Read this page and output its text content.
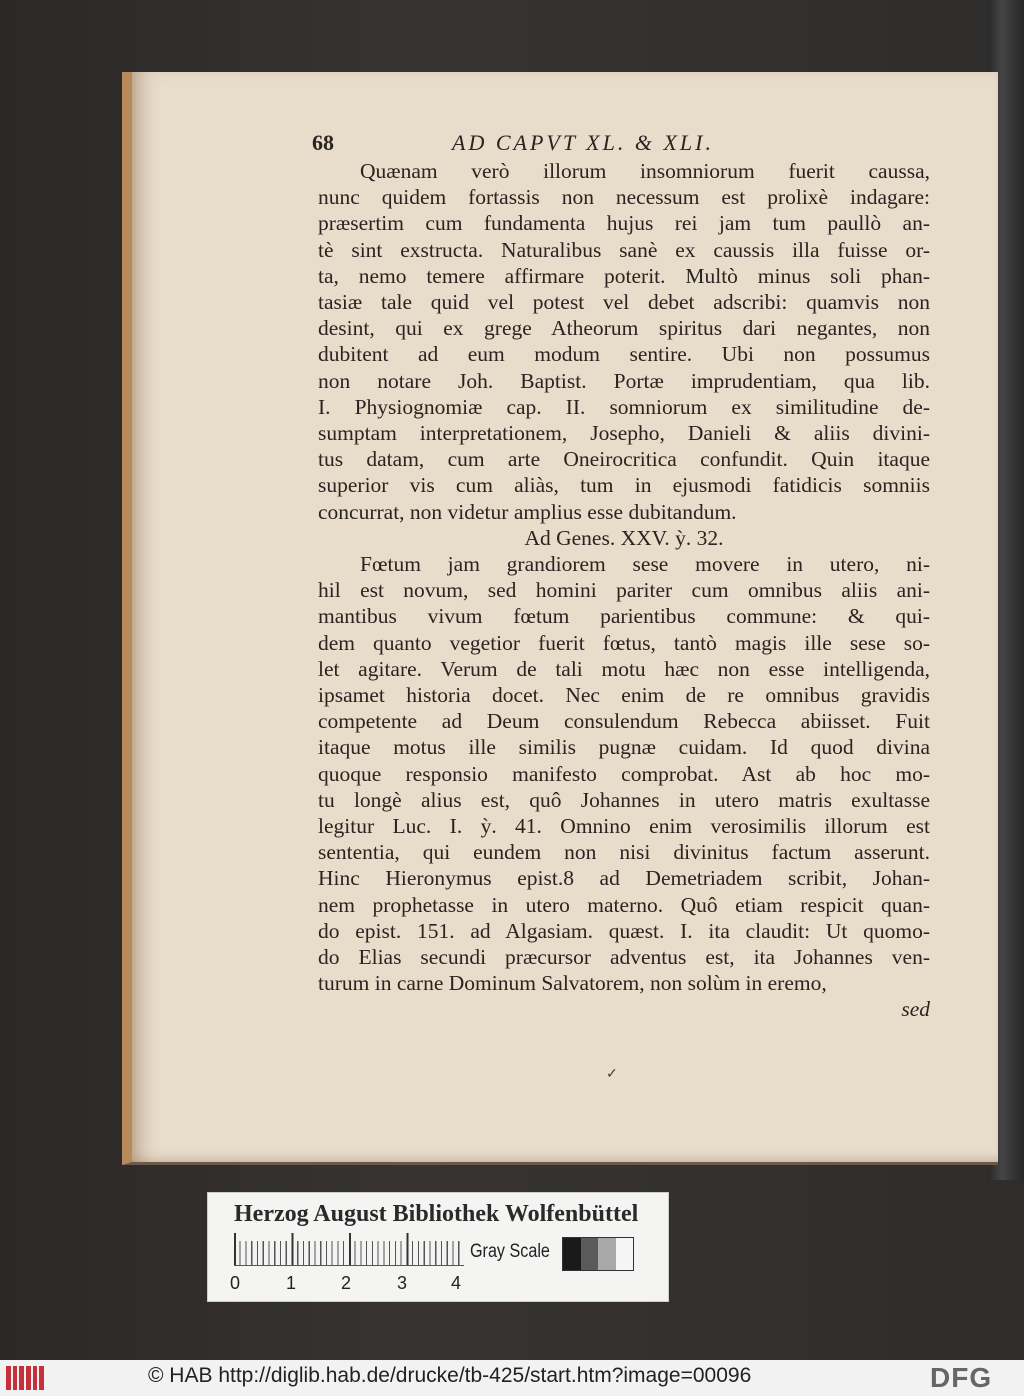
68	AD CAPVT XL. & XLI.
Quænam verò illorum insomniorum fuerit caussa,
nunc quidem fortassis non necessum est prolixè indagare:
præsertim cum fundamenta hujus rei jam tum paullò an-
tè sint exstructa. Naturalibus sanè ex caussis illa fuisse or-
ta, nemo temere affirmare poterit. Multò minus soli phan-
tasiæ tale quid vel potest vel debet adscribi: quamvis non
desint, qui ex grege Atheorum spiritus dari negantes, non
dubitent ad eum modum sentire. Ubi non possumus
non notare Joh. Baptist. Portæ imprudentiam, qua lib.
I. Physiognomiæ cap. II. somniorum ex similitudine de-
sumptam interpretationem, Josepho, Danieli & aliis divini-
tus datam, cum arte Oneirocritica confundit. Quin itaque
superior vis cum aliàs, tum in ejusmodi fatidicis somniis
concurrat, non videtur amplius esse dubitandum.
Ad Genes. XXV. ỳ. 32.
Fœtum jam grandiorem sese movere in utero, ni-
hil est novum, sed homini pariter cum omnibus aliis ani-
mantibus vivum fœtum parientibus commune: & qui-
dem quanto vegetior fuerit fœtus, tantò magis ille sese so-
let agitare. Verum de tali motu hæc non esse intelligenda,
ipsamet historia docet. Nec enim de re omnibus gravidis
competente ad Deum consulendum Rebecca abiisset. Fuit
itaque motus ille similis pugnæ cuidam. Id quod divina
quoque responsio manifesto comprobat. Ast ab hoc mo-
tu longè alius est, quô Johannes in utero matris exultasse
legitur Luc. I. ỳ. 41. Omnino enim verosimilis illorum est
sententia, qui eundem non nisi divinitus factum asserunt.
Hinc Hieronymus epist.8 ad Demetriadem scribit, Johan-
nem prophetasse in utero materno. Quô etiam respicit quan-
do epist. 151. ad Algasiam. quæst. I. ita claudit: Ut quomo-
do Elias secundi præcursor adventus est, ita Johannes ven-
turum in carne Dominum Salvatorem, non solùm in eremo,
sed
✓
Herzog August Bibliothek Wolfenbüttel
0	1 2	3 4
Gray Scale
© HAB http://diglib.hab.de/drucke/tb-425/start.htm?image=00096	DFG
